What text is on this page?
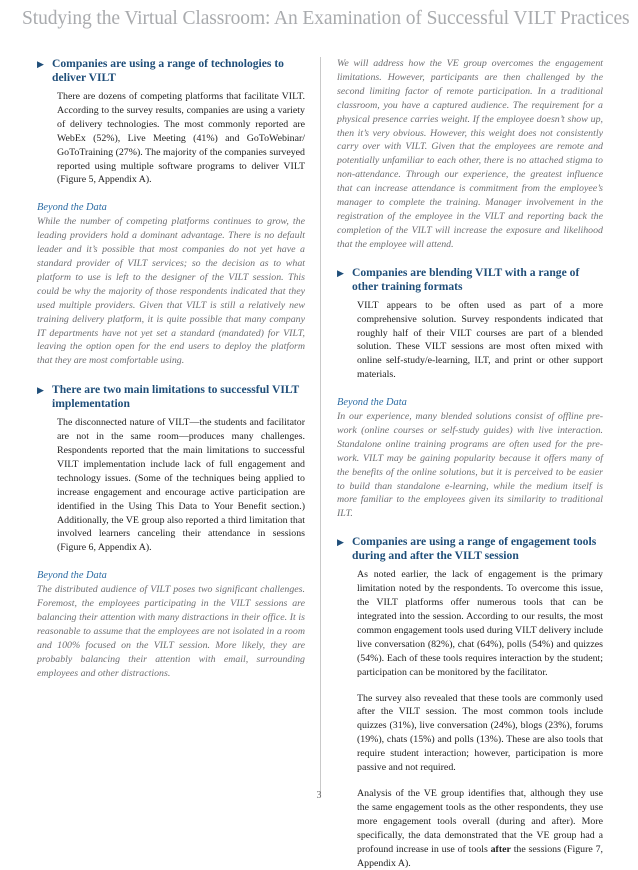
Studying the Virtual Classroom: An Examination of Successful VILT Practices
▶ Companies are using a range of technologies to deliver VILT

There are dozens of competing platforms that facilitate VILT. According to the survey results, companies are using a variety of delivery technologies. The most commonly reported are WebEx (52%), Live Meeting (41%) and GoToWebinar/ GoToTraining (27%). The majority of the companies surveyed reported using multiple software programs to deliver VILT (Figure 5, Appendix A).

Beyond the Data

While the number of competing platforms continues to grow, the leading providers hold a dominant advantage. There is no default leader and it’s possible that most companies do not yet have a standard provider of VILT services; so the decision as to what platform to use is left to the designer of the VILT session. This could be why the majority of those respondents indicated that they used multiple providers. Given that VILT is still a relatively new training delivery platform, it is quite possible that many company IT departments have not yet set a standard (mandated) for VILT, leaving the option open for the end users to deploy the platform that they are most comfortable using.

▶ There are two main limitations to successful VILT implementation

The disconnected nature of VILT—the students and facilitator are not in the same room—produces many challenges. Respondents reported that the main limitations to successful VILT implementation include lack of full engagement and technology issues. (Some of the techniques being applied to increase engagement and encourage active participation are identified in the Using This Data to Your Benefit section.) Additionally, the VE group also reported a third limitation that involved learners canceling their attendance in sessions (Figure 6, Appendix A).

Beyond the Data

The distributed audience of VILT poses two significant challenges. Foremost, the employees participating in the VILT sessions are balancing their attention with many distractions in their office. It is reasonable to assume that the employees are not isolated in a room and 100% focused on the VILT session. More likely, they are probably balancing their attention with email, surrounding employees and other distractions.

We will address how the VE group overcomes the engagement limitations. However, participants are then challenged by the second limiting factor of remote participation. In a traditional classroom, you have a captured audience. The requirement for a physical presence carries weight. If the employee doesn’t show up, then it’s very obvious. However, this weight does not consistently carry over with VILT. Given that the employees are remote and potentially unfamiliar to each other, there is no attached stigma to non-attendance. Through our experience, the greatest influence that can increase attendance is commitment from the employee’s manager to complete the training. Manager involvement in the registration of the employee in the VILT and reporting back the completion of the VILT will increase the exposure and likelihood that the employee will attend.

▶ Companies are blending VILT with a range of other training formats

VILT appears to be often used as part of a more comprehensive solution. Survey respondents indicated that roughly half of their VILT courses are part of a blended solution. These VILT sessions are most often mixed with online self-study/e-learning, ILT, and print or other support materials.

Beyond the Data

In our experience, many blended solutions consist of offline pre-work (online courses or self-study guides) with live interaction. Standalone online training programs are often used for the pre-work. VILT may be gaining popularity because it offers many of the benefits of the online solutions, but it is perceived to be easier to build than standalone e-learning, while the medium itself is more familiar to the employees given its similarity to traditional ILT.

▶ Companies are using a range of engagement tools during and after the VILT session

As noted earlier, the lack of engagement is the primary limitation noted by the respondents. To overcome this issue, the VILT platforms offer numerous tools that can be integrated into the session. According to our results, the most common engagement tools used during VILT delivery include live conversation (82%), chat (64%), polls (54%) and quizzes (54%). Each of these tools requires interaction by the student; participation can be monitored by the facilitator.

The survey also revealed that these tools are commonly used after the VILT session. The most common tools include quizzes (31%), live conversation (24%), blogs (23%), forums (19%), chats (15%) and polls (13%). These are also tools that require student interaction; however, participation is more passive and not required.

Analysis of the VE group identifies that, although they use the same engagement tools as the other respondents, they use more engagement tools overall (during and after). More specifically, the data demonstrated that the VE group had a profound increase in use of tools after the sessions (Figure 7, Appendix A).

3
